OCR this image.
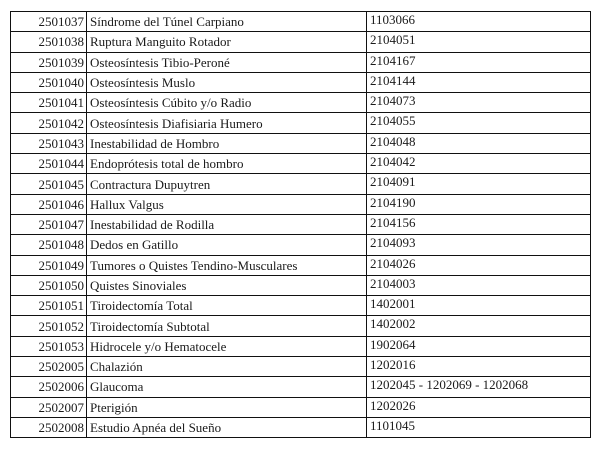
2501037	Síndrome del Túnel Carpiano	1103066
2501038	Ruptura Manguito Rotador	2104051
2501039	Osteosíntesis Tibio-Peroné	2104167
2501040	Osteosíntesis Muslo	2104144
2501041	Osteosíntesis Cúbito y/o Radio	2104073
2501042	Osteosíntesis Diafisiaria Humero	2104055
2501043	Inestabilidad de Hombro	2104048
2501044	Endoprótesis total de hombro	2104042
2501045	Contractura Dupuytren	2104091
2501046	Hallux Valgus	2104190
2501047	Inestabilidad de Rodilla	2104156
2501048	Dedos en Gatillo	2104093
2501049	Tumores o Quistes Tendino-Musculares	2104026
2501050	Quistes Sinoviales	2104003
2501051	Tiroidectomía Total	1402001
2501052	Tiroidectomía Subtotal	1402002
2501053	Hidrocele y/o Hematocele	1902064
2502005	Chalazión	1202016
2502006	Glaucoma	1202045 - 1202069 - 1202068
2502007	Pterigión	1202026
2502008	Estudio Apnéa del Sueño	1101045
